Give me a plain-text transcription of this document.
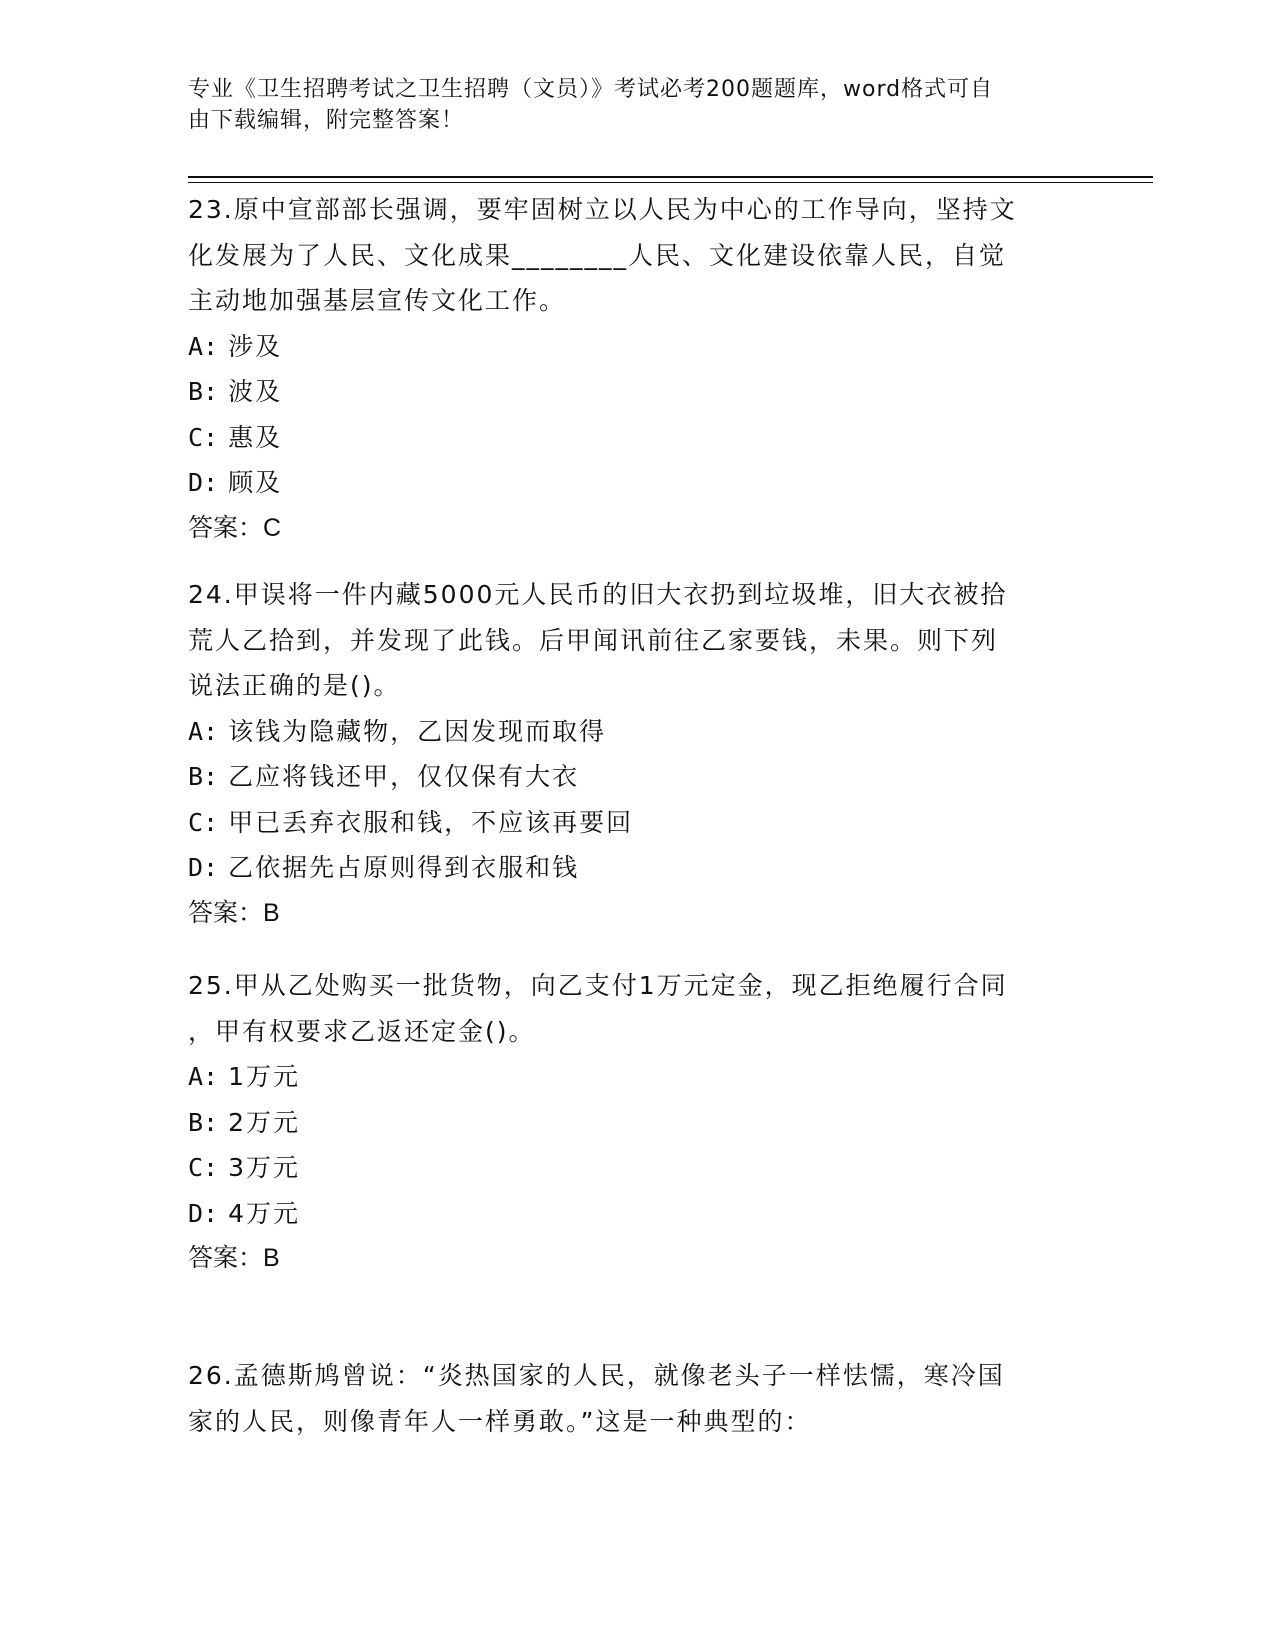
专业《卫生招聘考试之卫生招聘（文员）》考试必考200题题库，word格式可自
由下载编辑，附完整答案！

23.原中宣部部长强调，要牢固树立以人民为中心的工作导向，坚持文

化发展为了人民、文化成果________人民、文化建设依靠人民，自觉

主动地加强基层宣传文化工作。

A: 涉及

B: 波及

C: 惠及

D: 顾及

答案：C

24.甲误将一件内藏5000元人民币的旧大衣扔到垃圾堆，旧大衣被拾

荒人乙拾到，并发现了此钱。后甲闻讯前往乙家要钱，未果。则下列

说法正确的是()。

A: 该钱为隐藏物，乙因发现而取得

B: 乙应将钱还甲，仅仅保有大衣

C: 甲已丢弃衣服和钱，不应该再要回

D: 乙依据先占原则得到衣服和钱

答案：B

25.甲从乙处购买一批货物，向乙支付1万元定金，现乙拒绝履行合同

，甲有权要求乙返还定金()。

A: 1万元

B: 2万元

C: 3万元

D: 4万元

答案：B

26.孟德斯鸠曾说：“炎热国家的人民，就像老头子一样怯懦，寒冷国

家的人民，则像青年人一样勇敢。”这是一种典型的：
